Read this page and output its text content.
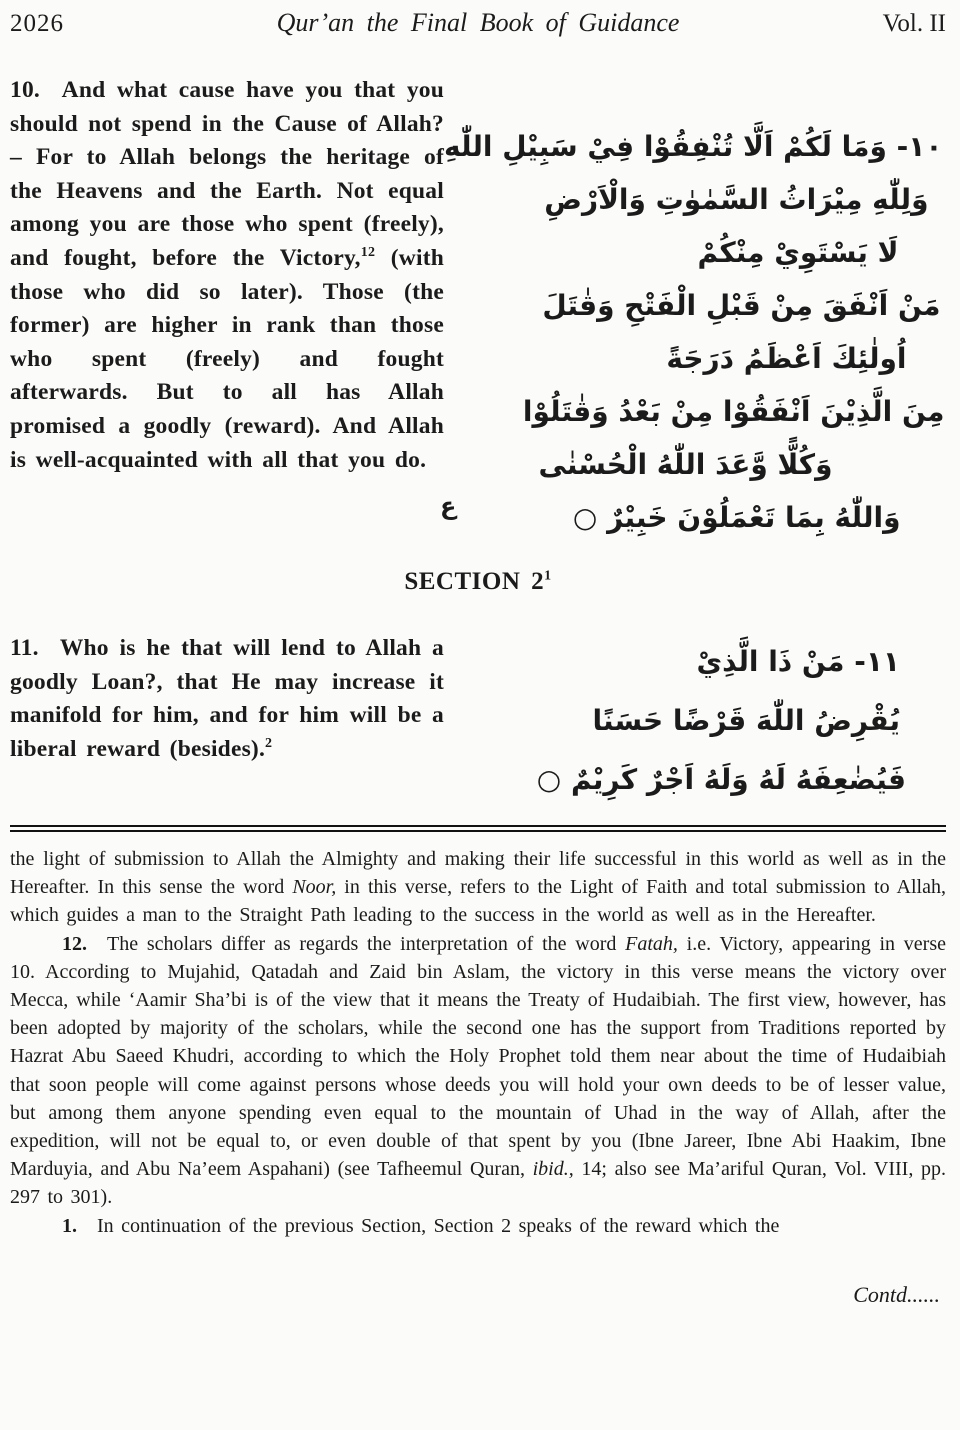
2026	Qur’an the Final Book of Guidance	Vol. II
10.  And what cause have you that you should not spend in the Cause of Allah? – For to Allah belongs the heritage of the Heavens and the Earth. Not equal among you are those who spent (freely), and fought, before the Victory,$^{12}$ (with those who did so later). Those (the former) are higher in rank than those who spent (freely) and fought afterwards. But to all has Allah promised a goodly (reward). And Allah is well-acquainted with all that you do.
١٠- وَمَا لَكُمْ اَلَّا تُنْفِقُوْا فِيْ سَبِيْلِ اللّٰهِ
وَلِلّٰهِ مِيْرَاثُ السَّمٰوٰتِ وَالْاَرْضِ
لَا يَسْتَوِيْ مِنْكُمْ
مَنْ اَنْفَقَ مِنْ قَبْلِ الْفَتْحِ وَقٰتَلَ
اُولٰئِكَ اَعْظَمُ دَرَجَةً
مِنَ الَّذِيْنَ اَنْفَقُوْا مِنْ بَعْدُ وَقٰتَلُوْا
وَكُلًّا وَّعَدَ اللّٰهُ الْحُسْنٰى
وَاللّٰهُ بِمَا تَعْمَلُوْنَ خَبِيْرٌ ○
ع
SECTION $2^1$
11.  Who is he that will lend to Allah a goodly Loan?, that He may increase it manifold for him, and for him will be a liberal reward (besides).$^2$
١١- مَنْ ذَا الَّذِيْ
يُقْرِضُ اللّٰهَ قَرْضًا حَسَنًا
فَيُضٰعِفَهُ لَهُ وَلَهُ اَجْرٌ كَرِيْمٌ ○

the light of submission to Allah the Almighty and making their life successful in this world as well as in the Hereafter. In this sense the word Noor, in this verse, refers to the Light of Faith and total submission to Allah, which guides a man to the Straight Path leading to the success in the world as well as in the Hereafter.

12. The scholars differ as regards the interpretation of the word Fatah, i.e. Victory, appearing in verse 10. According to Mujahid, Qatadah and Zaid bin Aslam, the victory in this verse means the victory over Mecca, while ‘Aamir Sha’bi is of the view that it means the Treaty of Hudaibiah. The first view, however, has been adopted by majority of the scholars, while the second one has the support from Traditions reported by Hazrat Abu Saeed Khudri, according to which the Holy Prophet told them near about the time of Hudaibiah that soon people will come against persons whose deeds you will hold your own deeds to be of lesser value, but among them anyone spending even equal to the mountain of Uhad in the way of Allah, after the expedition, will not be equal to, or even double of that spent by you (Ibne Jareer, Ibne Abi Haakim, Ibne Marduyia, and Abu Na’eem Aspahani) (see Tafheemul Quran, ibid., 14; also see Ma’ariful Quran, Vol. VIII, pp. 297 to 301).

1. In continuation of the previous Section, Section 2 speaks of the reward which the

Contd......
